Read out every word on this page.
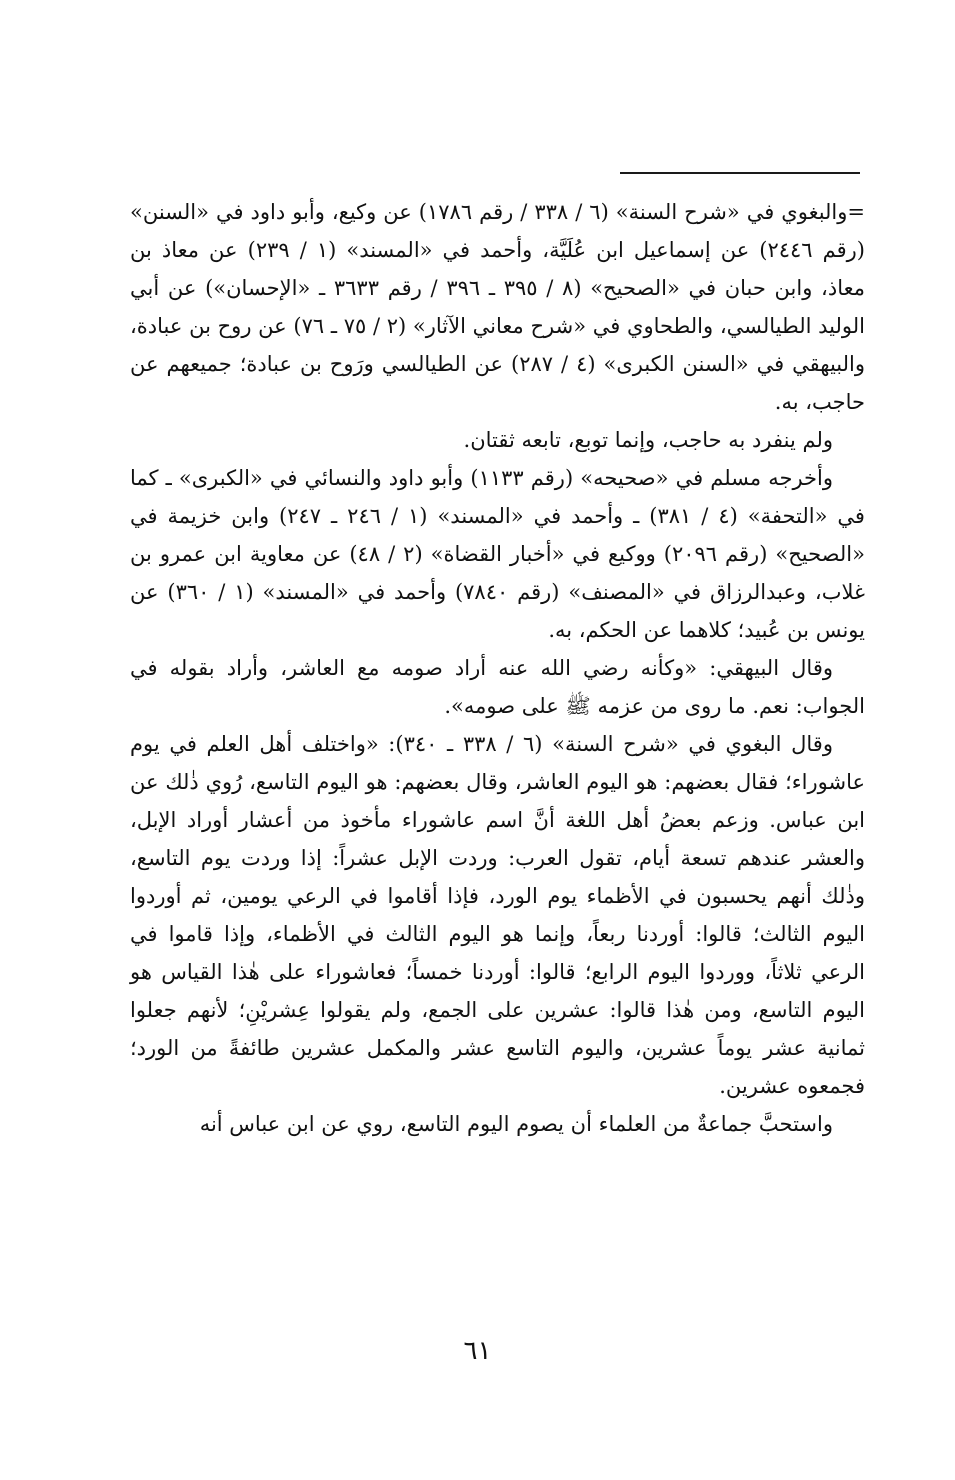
=والبغوي في «شرح السنة» (٦ / ٣٣٨ / رقم ١٧٨٦) عن وكيع، وأبو داود في «السنن» (رقم ٢٤٤٦) عن إسماعيل ابن عُلَيَّة، وأحمد في «المسند» (١ / ٢٣٩) عن معاذ بن معاذ، وابن حبان في «الصحيح» (٨ / ٣٩٥ ـ ٣٩٦ / رقم ٣٦٣٣ ـ «الإحسان») عن أبي الوليد الطيالسي، والطحاوي في «شرح معاني الآثار» (٢ / ٧٥ ـ ٧٦) عن روح بن عبادة، والبيهقي في «السنن الكبرى» (٤ / ٢٨٧) عن الطيالسي ورَوح بن عبادة؛ جميعهم عن حاجب، به.

ولم ينفرد به حاجب، وإنما توبع، تابعه ثقتان.

وأخرجه مسلم في «صحيحه» (رقم ١١٣٣) وأبو داود والنسائي في «الكبرى» ـ كما في «التحفة» (٤ / ٣٨١) ـ وأحمد في «المسند» (١ / ٢٤٦ ـ ٢٤٧) وابن خزيمة في «الصحيح» (رقم ٢٠٩٦) ووكيع في «أخبار القضاة» (٢ / ٤٨) عن معاوية ابن عمرو بن غلاب، وعبدالرزاق في «المصنف» (رقم ٧٨٤٠) وأحمد في «المسند» (١ / ٣٦٠) عن يونس بن عُبيد؛ كلاهما عن الحكم، به.

وقال البيهقي: «وكأنه رضي الله عنه أراد صومه مع العاشر، وأراد بقوله في الجواب: نعم. ما روى من عزمه ﷺ على صومه».

وقال البغوي في «شرح السنة» (٦ / ٣٣٨ ـ ٣٤٠): «واختلف أهل العلم في يوم عاشوراء؛ فقال بعضهم: هو اليوم العاشر، وقال بعضهم: هو اليوم التاسع، رُوي ذٰلك عن ابن عباس. وزعم بعضُ أهل اللغة أنَّ اسم عاشوراء مأخوذ من أعشار أوراد الإبل، والعشر عندهم تسعة أيام، تقول العرب: وردت الإبل عشراً: إذا وردت يوم التاسع، وذٰلك أنهم يحسبون في الأظماء يوم الورد، فإذا أقاموا في الرعي يومين، ثم أوردوا اليوم الثالث؛ قالوا: أوردنا ربعاً، وإنما هو اليوم الثالث في الأظماء، وإذا قاموا في الرعي ثلاثاً، ووردوا اليوم الرابع؛ قالوا: أوردنا خمساً؛ فعاشوراء على هٰذا القياس هو اليوم التاسع، ومن هٰذا قالوا: عشرين على الجمع، ولم يقولوا عِشريْنِ؛ لأنهم جعلوا ثمانية عشر يوماً عشرين، واليوم التاسع عشر والمكمل عشرين طائفةً من الورد؛ فجمعوه عشرين.

واستحبَّ جماعةٌ من العلماء أن يصوم اليوم التاسع، روي عن ابن عباس أنه

٦١
